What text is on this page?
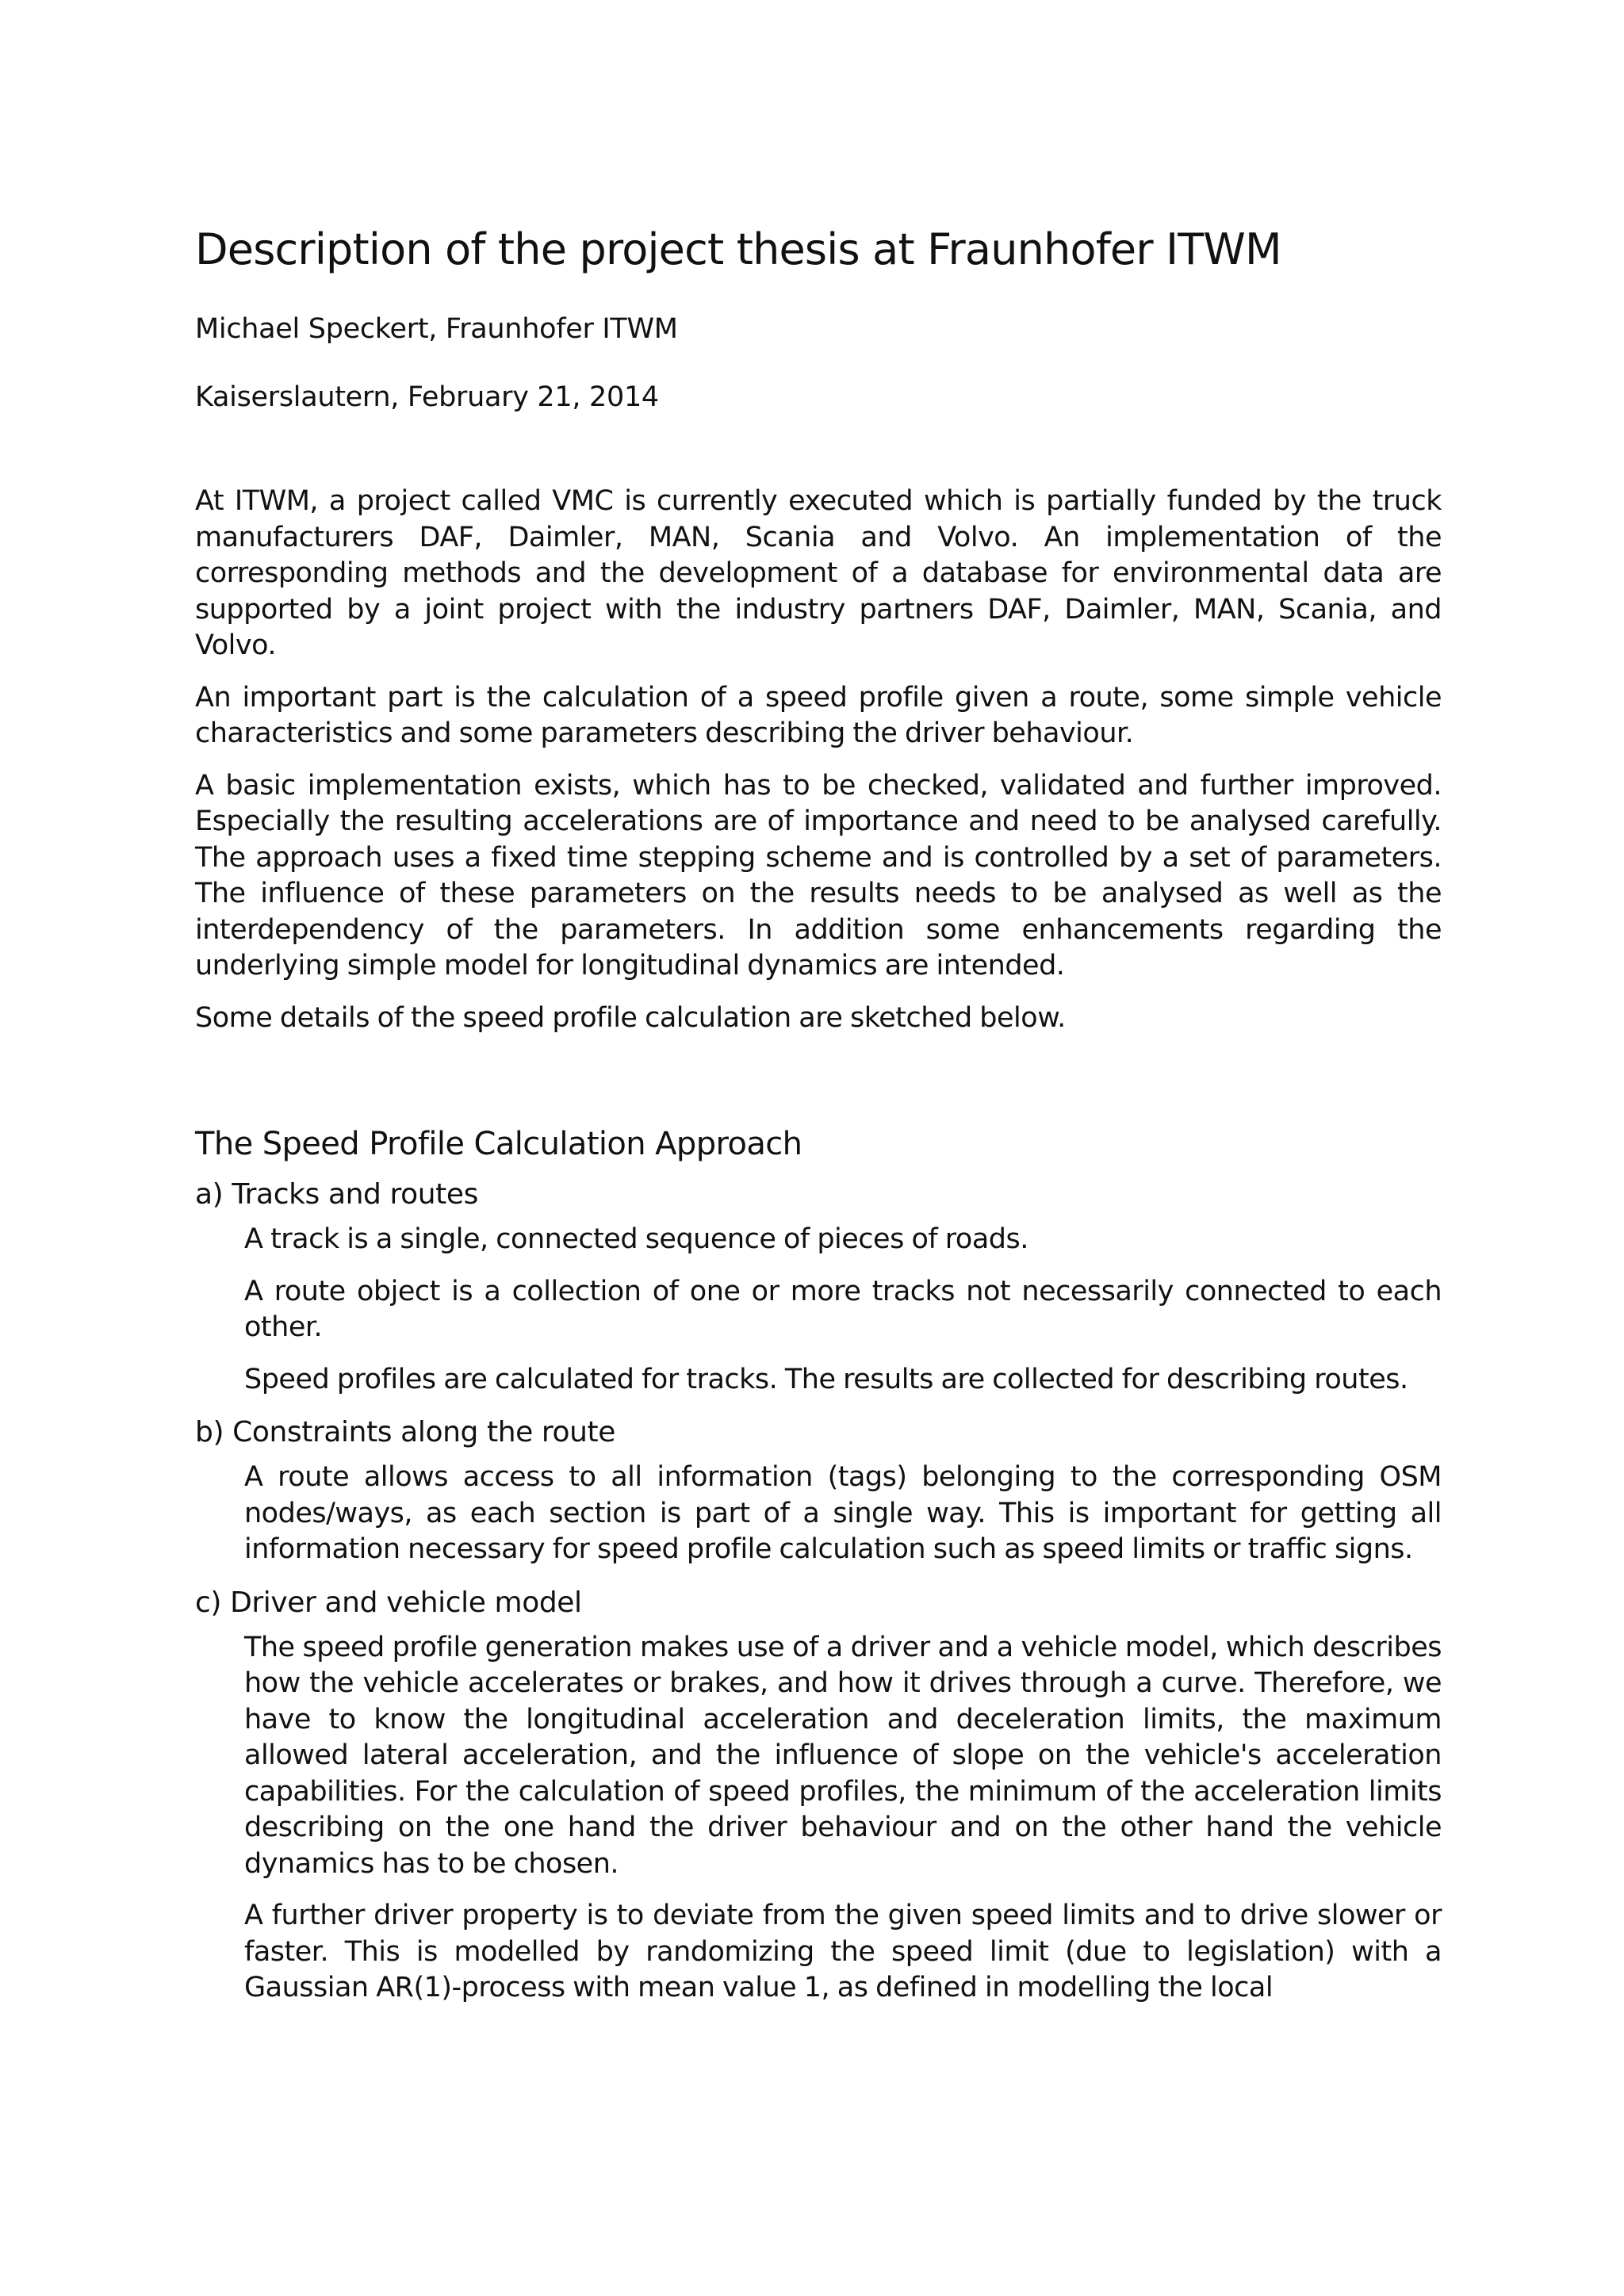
Description of the project thesis at Fraunhofer ITWM
Michael Speckert, Fraunhofer ITWM
Kaiserslautern, February 21, 2014

At ITWM, a project called VMC is currently executed which is partially funded by the truck manufacturers DAF, Daimler, MAN, Scania and Volvo. An implementation of the corresponding methods and the development of a database for environmental data are supported by a joint project with the industry partners DAF, Daimler, MAN, Scania, and Volvo.

An important part is the calculation of a speed profile given a route, some simple vehicle characteristics and some parameters describing the driver behaviour.

A basic implementation exists, which has to be checked, validated and further improved. Especially the resulting accelerations are of importance and need to be analysed carefully. The approach uses a fixed time stepping scheme and is controlled by a set of parameters. The influence of these parameters on the results needs to be analysed as well as the interdependency of the parameters. In addition some enhancements regarding the underlying simple model for longitudinal dynamics are intended.

Some details of the speed profile calculation are sketched below.

The Speed Profile Calculation Approach
a) Tracks and routes

A track is a single, connected sequence of pieces of roads.

A route object is a collection of one or more tracks not necessarily connected to each other.

Speed profiles are calculated for tracks. The results are collected for describing routes.

b) Constraints along the route

A route allows access to all information (tags) belonging to the corresponding OSM nodes/ways, as each section is part of a single way. This is important for getting all information necessary for speed profile calculation such as speed limits or traffic signs.

c) Driver and vehicle model

The speed profile generation makes use of a driver and a vehicle model, which describes how the vehicle accelerates or brakes, and how it drives through a curve. Therefore, we have to know the longitudinal acceleration and deceleration limits, the maximum allowed lateral acceleration, and the influence of slope on the vehicle's acceleration capabilities. For the calculation of speed profiles, the minimum of the acceleration limits describing on the one hand the driver behaviour and on the other hand the vehicle dynamics has to be chosen.

A further driver property is to deviate from the given speed limits and to drive slower or faster. This is modelled by randomizing the speed limit (due to legislation) with a Gaussian AR(1)-process with mean value 1, as defined in modelling the local
